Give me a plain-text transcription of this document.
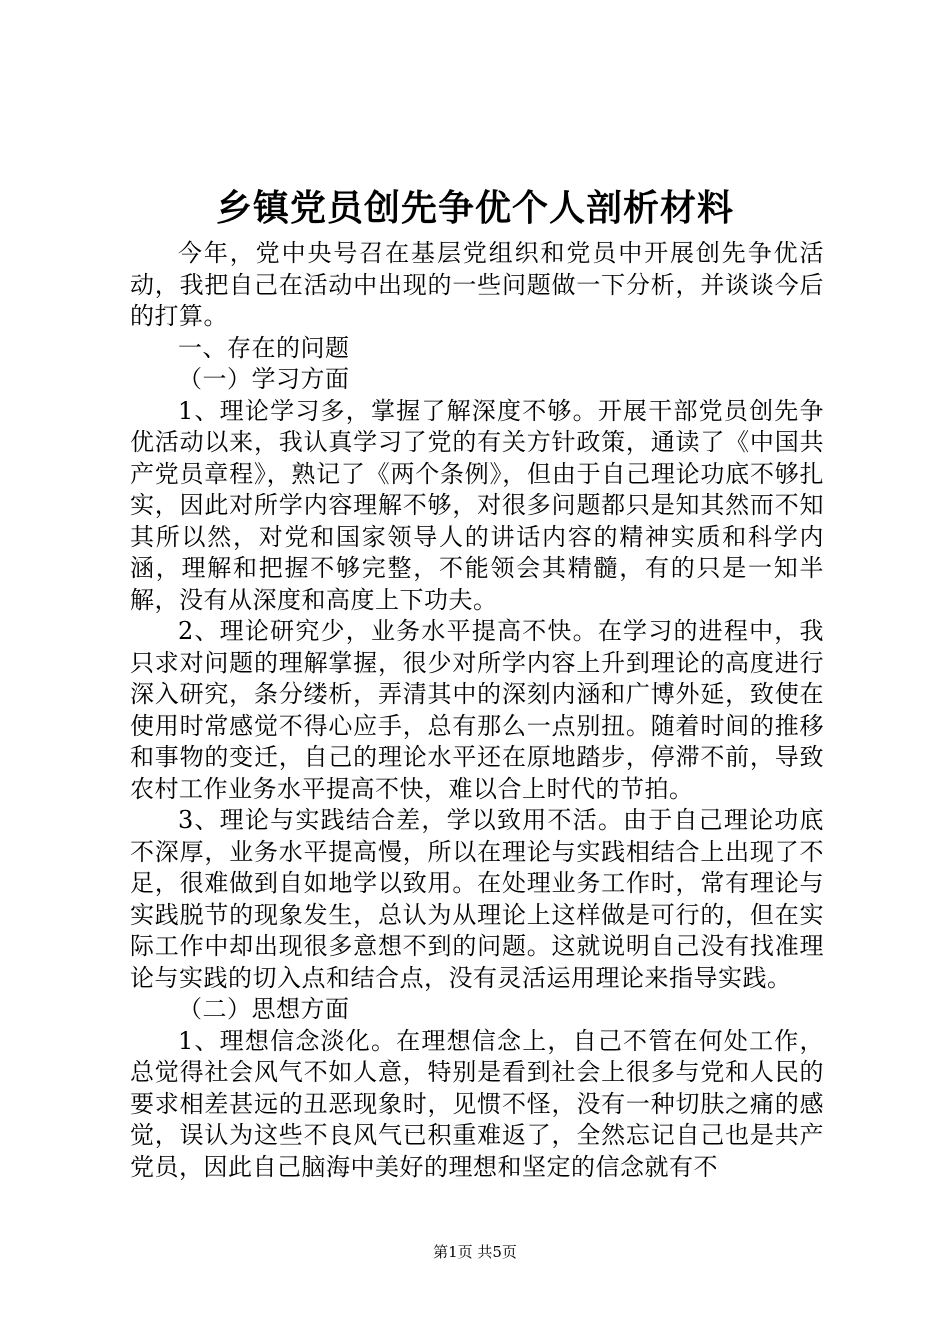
乡镇党员创先争优个人剖析材料

今年，党中央号召在基层党组织和党员中开展创先争优活动，我把自己在活动中出现的一些问题做一下分析，并谈谈今后的打算。

一、存在的问题

（一）学习方面

1、理论学习多，掌握了解深度不够。开展干部党员创先争优活动以来，我认真学习了党的有关方针政策，通读了《中国共产党员章程》，熟记了《两个条例》，但由于自己理论功底不够扎实，因此对所学内容理解不够，对很多问题都只是知其然而不知其所以然，对党和国家领导人的讲话内容的精神实质和科学内涵，理解和把握不够完整，不能领会其精髓，有的只是一知半解，没有从深度和高度上下功夫。

2、理论研究少，业务水平提高不快。在学习的进程中，我只求对问题的理解掌握，很少对所学内容上升到理论的高度进行深入研究，条分缕析，弄清其中的深刻内涵和广博外延，致使在使用时常感觉不得心应手，总有那么一点别扭。随着时间的推移和事物的变迁，自己的理论水平还在原地踏步，停滞不前，导致农村工作业务水平提高不快，难以合上时代的节拍。

3、理论与实践结合差，学以致用不活。由于自己理论功底不深厚，业务水平提高慢，所以在理论与实践相结合上出现了不足，很难做到自如地学以致用。在处理业务工作时，常有理论与实践脱节的现象发生，总认为从理论上这样做是可行的，但在实际工作中却出现很多意想不到的问题。这就说明自己没有找准理论与实践的切入点和结合点，没有灵活运用理论来指导实践。

（二）思想方面

1、理想信念淡化。在理想信念上，自己不管在何处工作，总觉得社会风气不如人意，特别是看到社会上很多与党和人民的要求相差甚远的丑恶现象时，见惯不怪，没有一种切肤之痛的感觉，误认为这些不良风气已积重难返了，全然忘记自己也是共产党员，因此自己脑海中美好的理想和坚定的信念就有不

第1页 共5页
